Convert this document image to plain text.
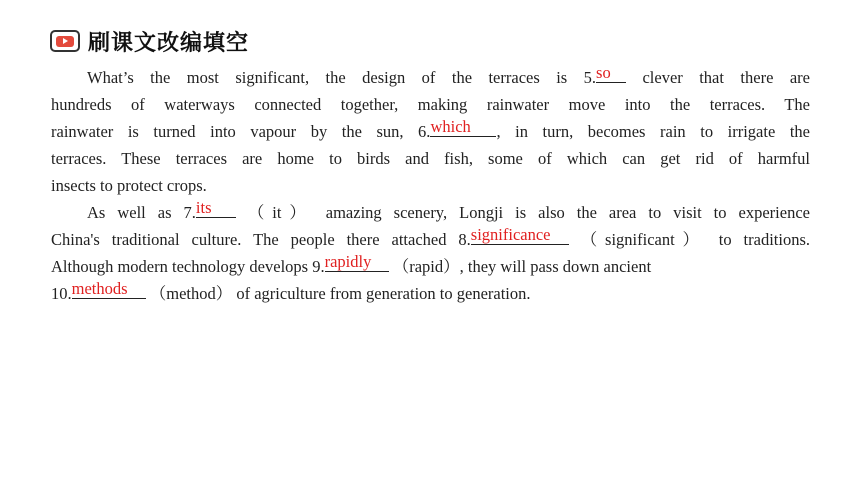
刷课文改编填空
What’s the most significant, the design of the terraces is 5. so clever that there are
hundreds of waterways connected together, making rainwater move into the terraces. The
rainwater is turned into vapour by the sun, 6. which	, in turn, becomes rain to irrigate the
terraces. These terraces are home to birds and fish, some of which can get rid of harmful
insects to protect crops.
As well as 7. its	（it） amazing scenery, Longji is also the area to visit to experience
China's traditional culture. The people there attached 8. significance	（significant） to traditions.
Although modern technology develops 9. rapidly	（rapid）, they will pass down ancient
10. methods	（method） of agriculture from generation to generation.
